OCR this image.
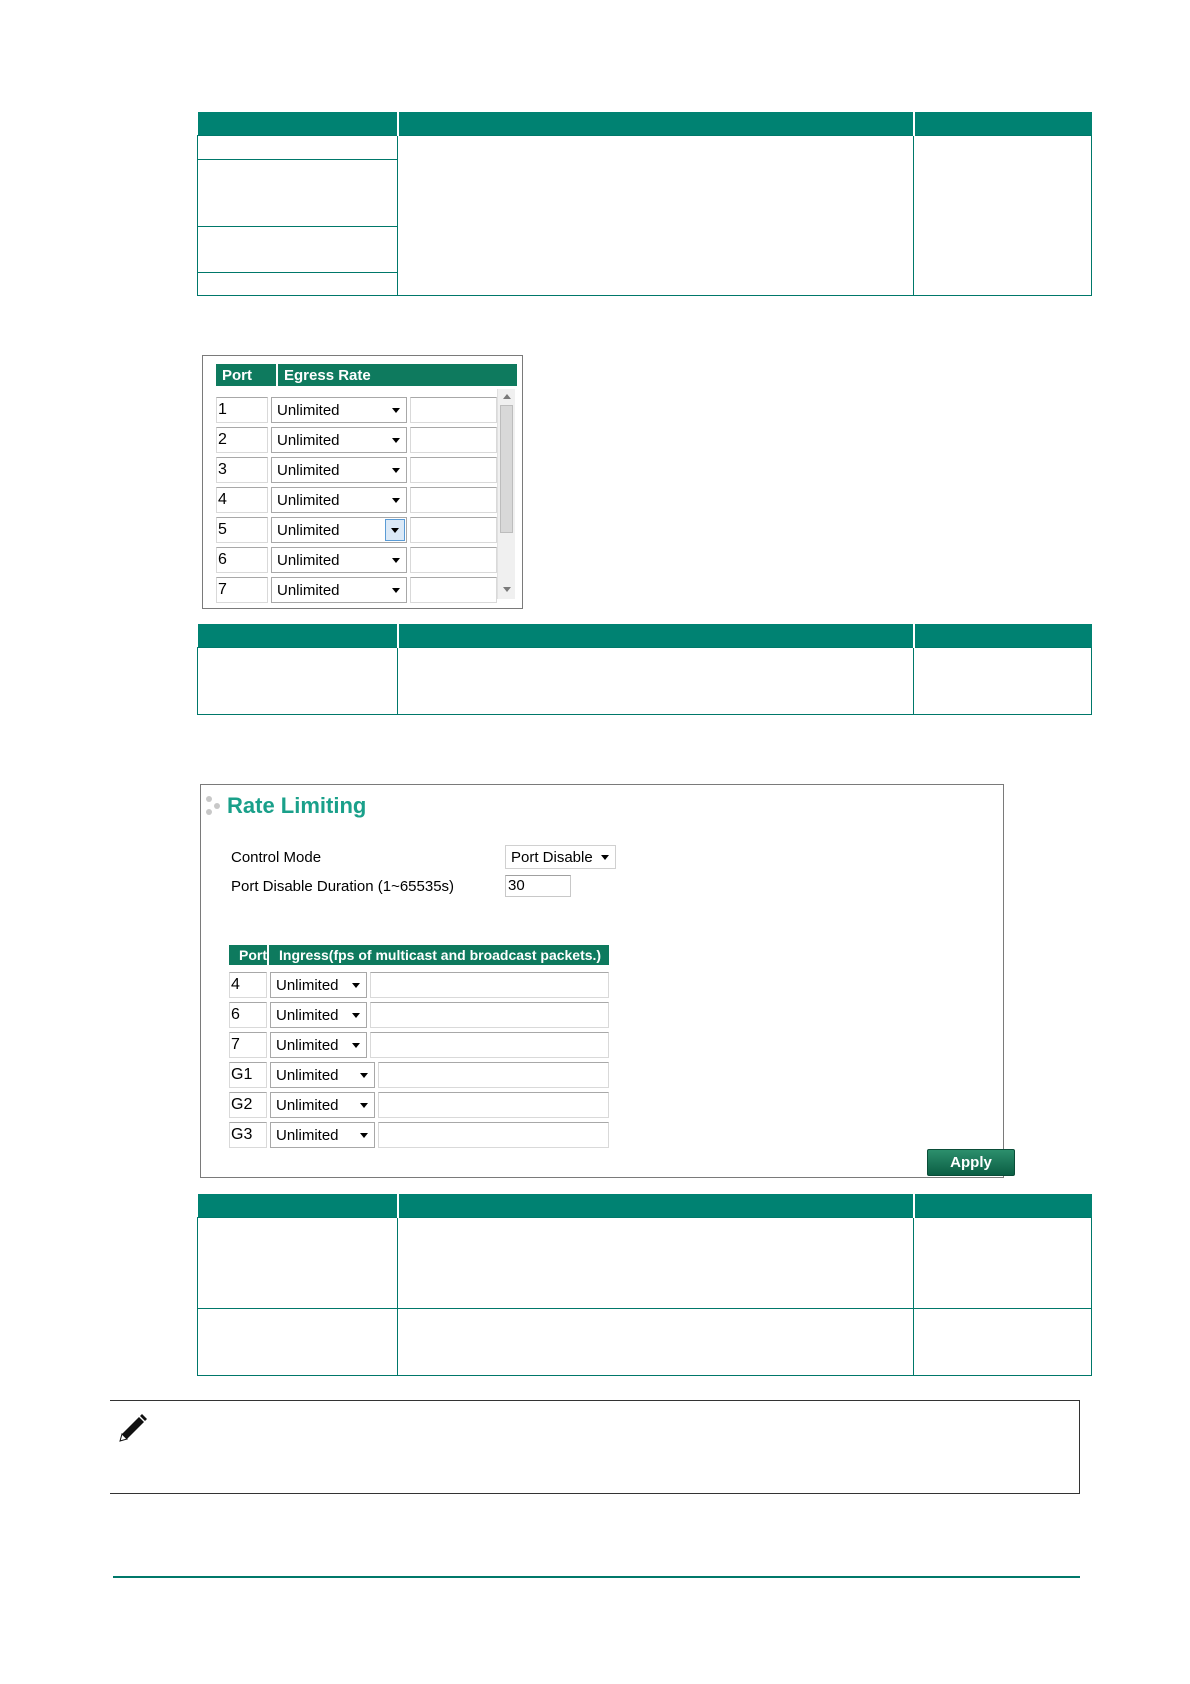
Port	Egress Rate
1	Unlimited
2	Unlimited
3	Unlimited
4	Unlimited
5	Unlimited
6	Unlimited
7	Unlimited

Rate Limiting
Control Mode	Port Disable
Port Disable Duration (1~65535s)	30
Port	Ingress(fps of multicast and broadcast packets.)
4 Unlimited
6 Unlimited
7 Unlimited
G1 Unlimited
G2 Unlimited
G3 Unlimited
Apply
